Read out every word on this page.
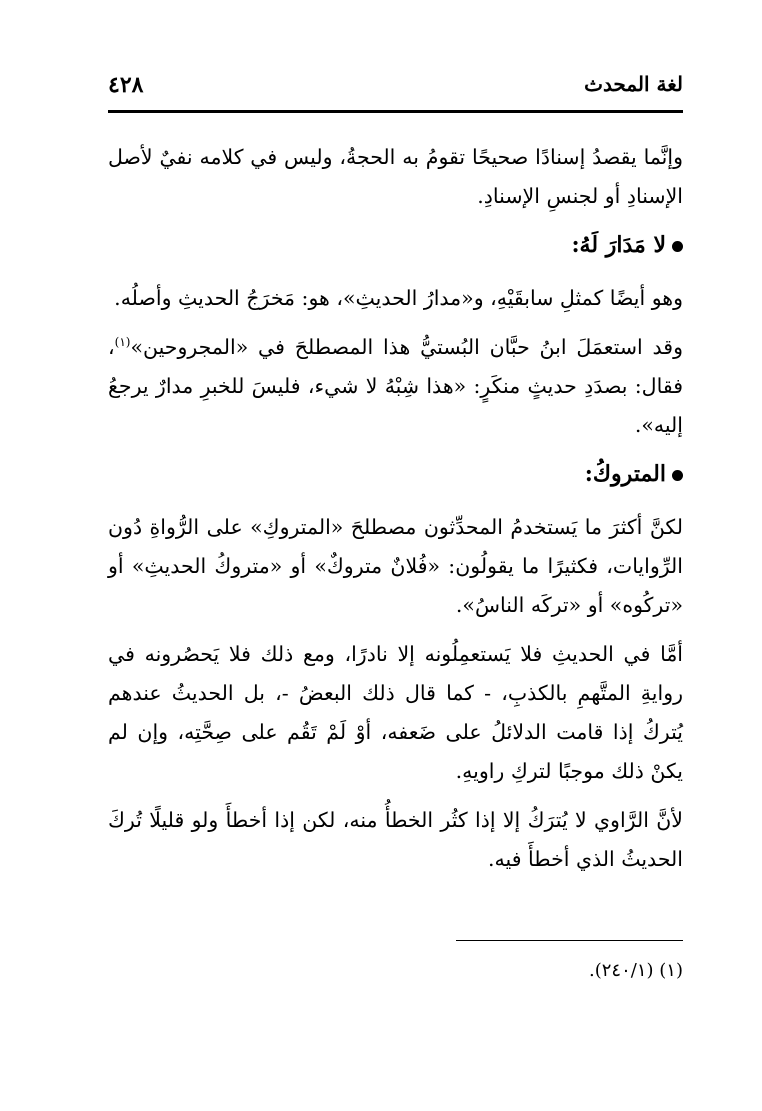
٤٢٨	لغة المحدث

وإنَّما يقصدُ إسنادًا صحيحًا تقومُ به الحجةُ، وليس في كلامه نفيٌ لأصل الإسنادِ أو لجنسِ الإسنادِ.

لا مَدَارَ لَهُ:

وهو أيضًا كمثلِ سابقَيْهِ، و«مدارُ الحديثِ»، هو: مَخرَجُ الحديثِ وأصلُه.

وقد استعمَلَ ابنُ حبَّان البُستيُّ هذا المصطلحَ في «المجروحين»$^{(١)}$، فقال: بصدَدِ حديثٍ منكَرٍ: «هذا شِبْهُ لا شيء، فليسَ للخبرِ مدارٌ يرجعُ إليه».

المتروكُ:

لكنَّ أكثرَ ما يَستخدمُ المحدِّثون مصطلحَ «المتروكِ» على الرُّواةِ دُون الرِّوايات، فكثيرًا ما يقولُون: «فُلانٌ متروكٌ» أو «متروكُ الحديثِ» أو «تركُوه» أو «تركَه الناسُ».

أمَّا في الحديثِ فلا يَستعمِلُونه إلا نادرًا، ومع ذلك فلا يَحصُرونه في روايةِ المتَّهمِ بالكذبِ، - كما قال ذلك البعضُ -، بل الحديثُ عندهم يُتركُ إذا قامت الدلائلُ على ضَعفه، أوْ لَمْ تَقُم على صِحَّتِه، وإن لم يكنْ ذلك موجبًا لتركِ راويهِ.

لأنَّ الرَّاوي لا يُترَكُ إلا إذا كثُر الخطأُ منه، لكن إذا أخطأَ ولو قليلًا تُركَ الحديثُ الذي أخطأَ فيه.

(١) (٢٤٠/١).
